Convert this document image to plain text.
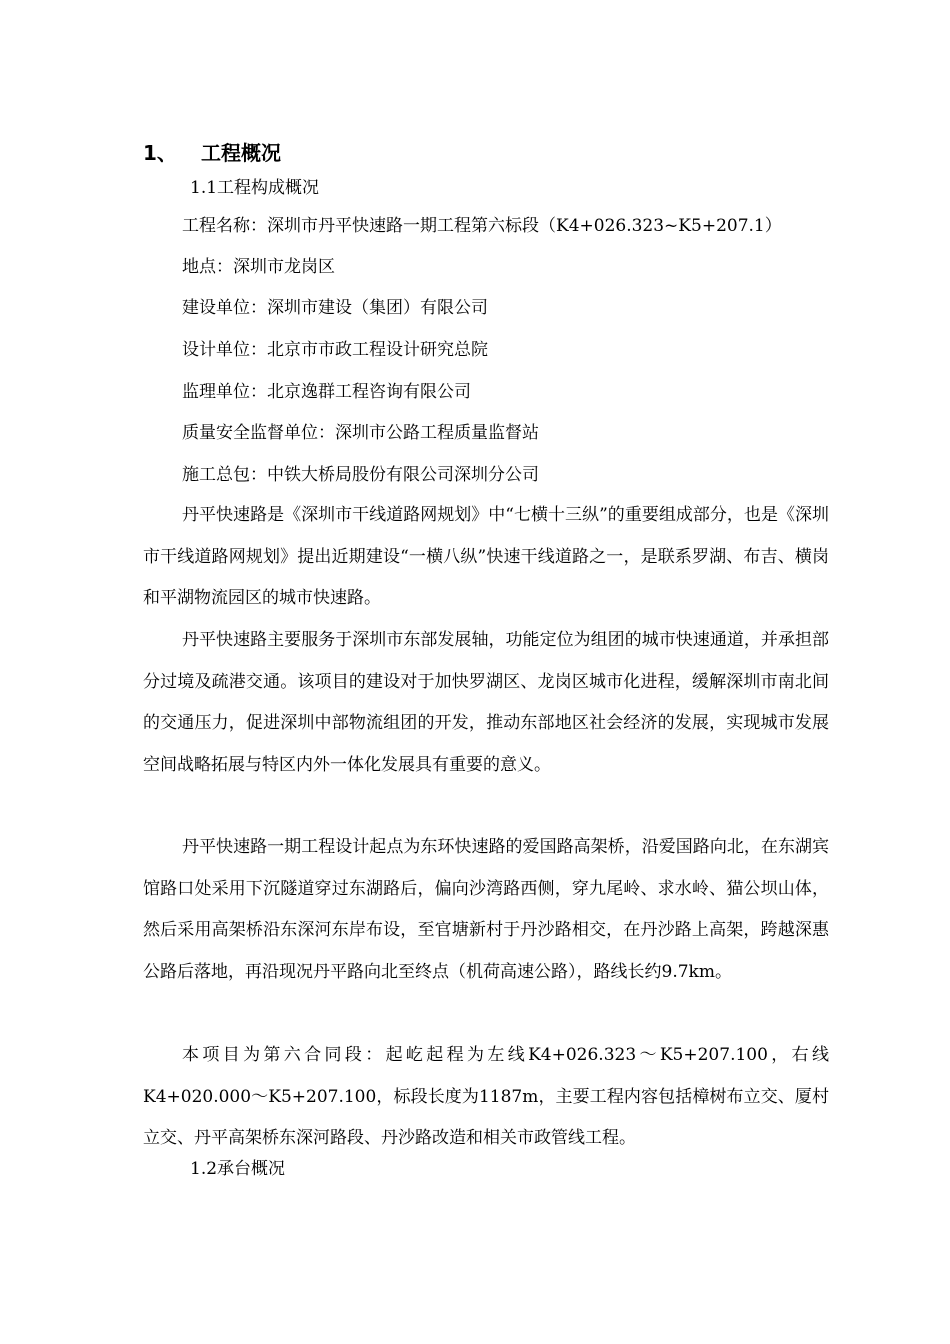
1、 工程概况
1.1工程构成概况
工程名称：深圳市丹平快速路一期工程第六标段（K4+026.323~K5+207.1）
地点：深圳市龙岗区
建设单位：深圳市建设（集团）有限公司
设计单位：北京市市政工程设计研究总院
监理单位：北京逸群工程咨询有限公司
质量安全监督单位：深圳市公路工程质量监督站
施工总包：中铁大桥局股份有限公司深圳分公司

丹平快速路是《深圳市干线道路网规划》中“七横十三纵”的重要组成部分，也是《深圳市干线道路网规划》提出近期建设“一横八纵”快速干线道路之一，是联系罗湖、布吉、横岗和平湖物流园区的城市快速路。

丹平快速路主要服务于深圳市东部发展轴，功能定位为组团的城市快速通道，并承担部分过境及疏港交通。该项目的建设对于加快罗湖区、龙岗区城市化进程，缓解深圳市南北间的交通压力，促进深圳中部物流组团的开发，推动东部地区社会经济的发展，实现城市发展空间战略拓展与特区内外一体化发展具有重要的意义。

丹平快速路一期工程设计起点为东环快速路的爱国路高架桥，沿爱国路向北，在东湖宾馆路口处采用下沉隧道穿过东湖路后，偏向沙湾路西侧，穿九尾岭、求水岭、猫公坝山体，然后采用高架桥沿东深河东岸布设，至官塘新村于丹沙路相交，在丹沙路上高架，跨越深惠公路后落地，再沿现况丹平路向北至终点（机荷高速公路），路线长约9.7km。

本项目为第六合同段：起屹起程为左线K4+026.323～K5+207.100，右线K4+020.000～K5+207.100，标段长度为1187m，主要工程内容包括樟树布立交、厦村立交、丹平高架桥东深河路段、丹沙路改造和相关市政管线工程。

1.2承台概况
